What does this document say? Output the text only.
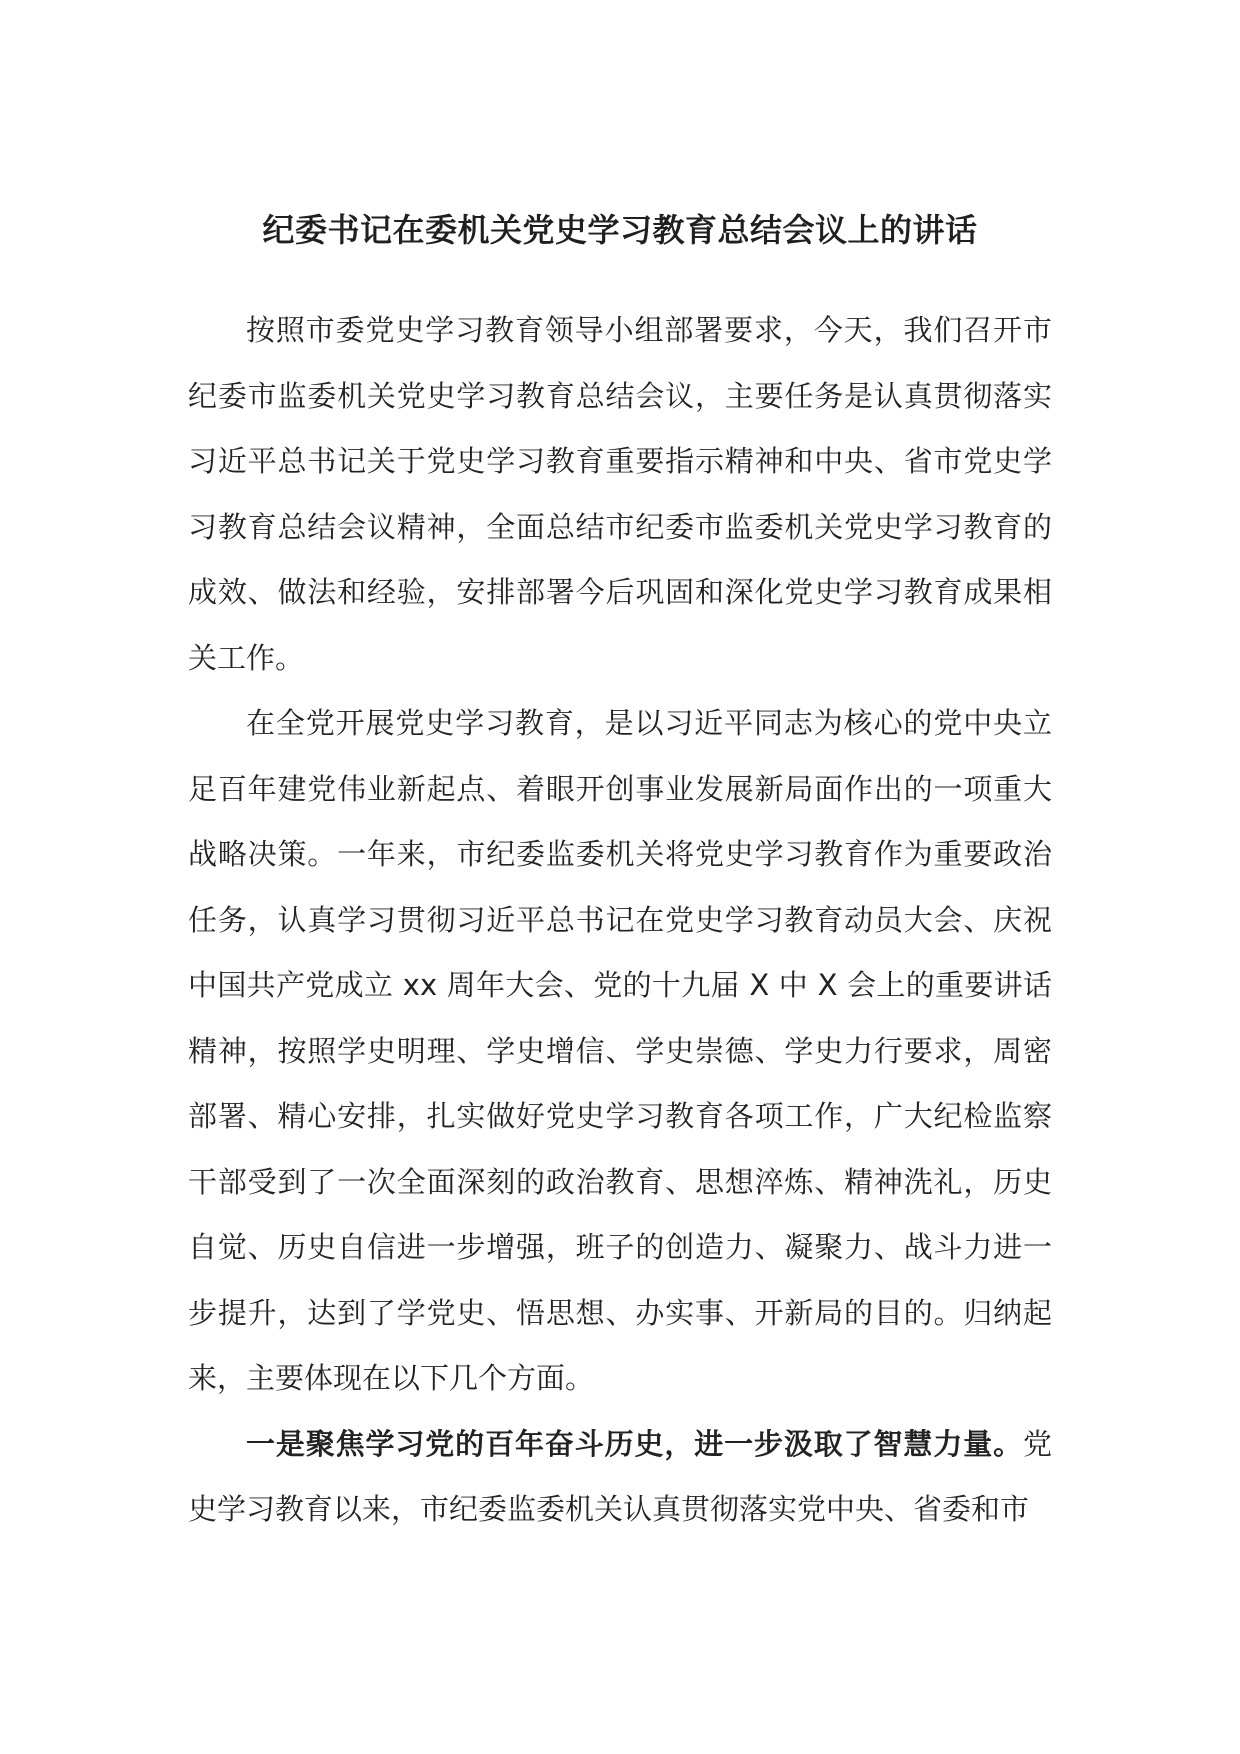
纪委书记在委机关党史学习教育总结会议上的讲话

按照市委党史学习教育领导小组部署要求，今天，我们召开市纪委市监委机关党史学习教育总结会议，主要任务是认真贯彻落实习近平总书记关于党史学习教育重要指示精神和中央、省市党史学习教育总结会议精神，全面总结市纪委市监委机关党史学习教育的成效、做法和经验，安排部署今后巩固和深化党史学习教育成果相关工作。

在全党开展党史学习教育，是以习近平同志为核心的党中央立足百年建党伟业新起点、着眼开创事业发展新局面作出的一项重大战略决策。一年来，市纪委监委机关将党史学习教育作为重要政治任务，认真学习贯彻习近平总书记在党史学习教育动员大会、庆祝中国共产党成立 xx 周年大会、党的十九届 X 中 X 会上的重要讲话精神，按照学史明理、学史增信、学史崇德、学史力行要求，周密部署、精心安排，扎实做好党史学习教育各项工作，广大纪检监察干部受到了一次全面深刻的政治教育、思想淬炼、精神洗礼，历史自觉、历史自信进一步增强，班子的创造力、凝聚力、战斗力进一步提升，达到了学党史、悟思想、办实事、开新局的目的。归纳起来，主要体现在以下几个方面。

一是聚焦学习党的百年奋斗历史，进一步汲取了智慧力量。党史学习教育以来，市纪委监委机关认真贯彻落实党中央、省委和市
